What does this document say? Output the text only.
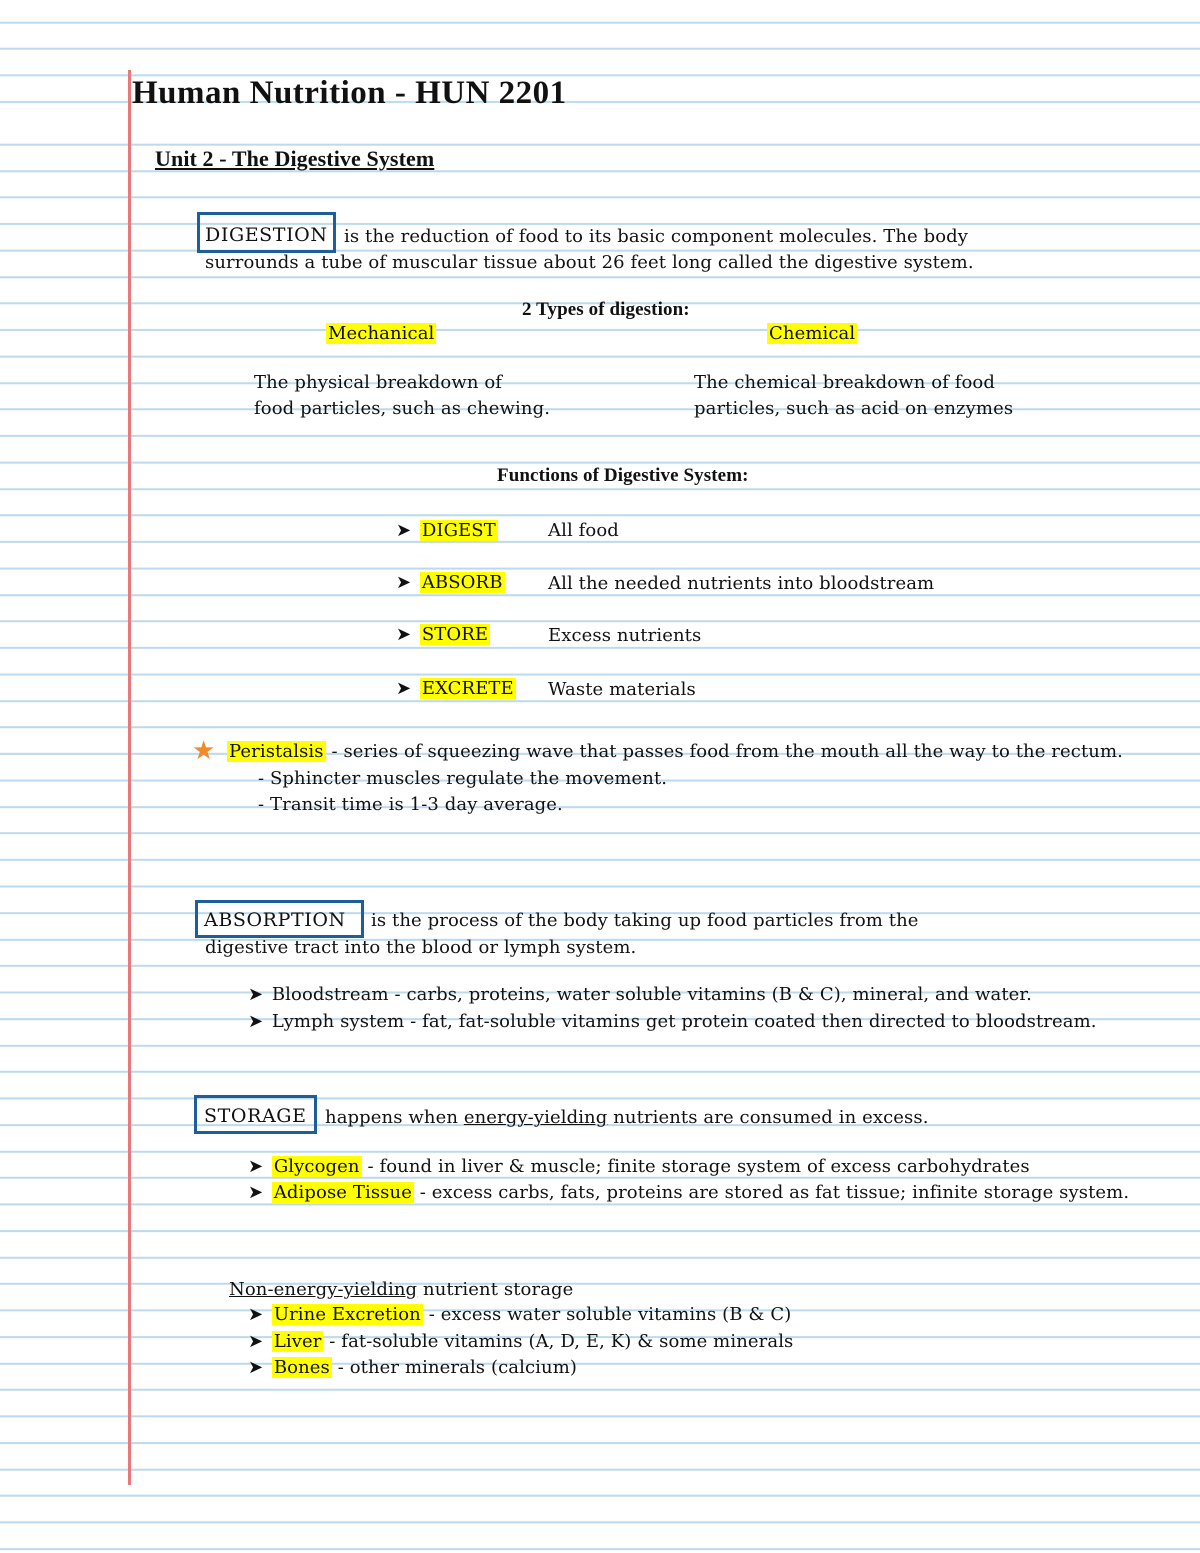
Human Nutrition - HUN 2201
Unit 2 - The Digestive System
DIGESTION is the reduction of food to its basic component molecules. The body
surrounds a tube of muscular tissue about 26 feet long called the digestive system.
2 Types of digestion:
Mechanical	Chemical
The physical breakdown of
food particles, such as chewing.
The chemical breakdown of food
particles, such as acid on enzymes
Functions of Digestive System:
➤ DIGEST	All food
➤ ABSORB	All the needed nutrients into bloodstream
➤ STORE	Excess nutrients
➤ EXCRETE Waste materials
★ Peristalsis - series of squeezing wave that passes food from the mouth all the way to the rectum.
- Sphincter muscles regulate the movement.
- Transit time is 1-3 day average.
ABSORPTION is the process of the body taking up food particles from the
digestive tract into the blood or lymph system.
➤ Bloodstream - carbs, proteins, water soluble vitamins (B & C), mineral, and water.
➤ Lymph system - fat, fat-soluble vitamins get protein coated then directed to bloodstream.
STORAGE happens when energy-yielding nutrients are consumed in excess.
➤ Glycogen - found in liver & muscle; finite storage system of excess carbohydrates
➤ Adipose Tissue - excess carbs, fats, proteins are stored as fat tissue; infinite storage system.
Non-energy-yielding nutrient storage
➤ Urine Excretion - excess water soluble vitamins (B & C)
➤ Liver - fat-soluble vitamins (A, D, E, K) & some minerals
➤ Bones - other minerals (calcium)
